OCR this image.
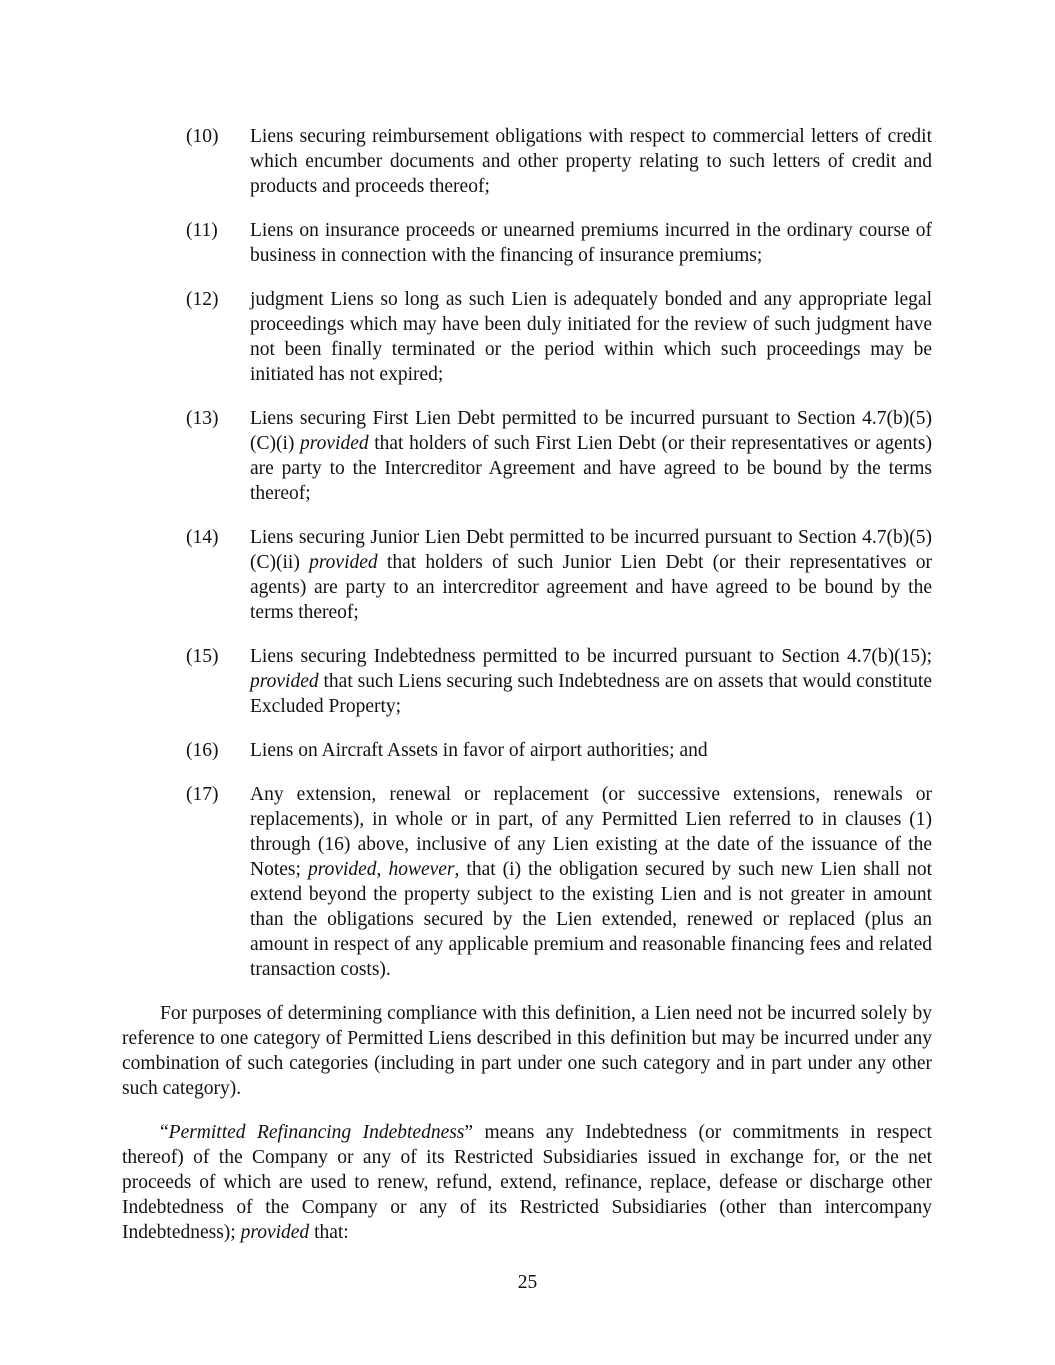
(10)	Liens securing reimbursement obligations with respect to commercial letters of credit which encumber documents and other property relating to such letters of credit and products and proceeds thereof;
(11)	Liens on insurance proceeds or unearned premiums incurred in the ordinary course of business in connection with the financing of insurance premiums;
(12)	judgment Liens so long as such Lien is adequately bonded and any appropriate legal proceedings which may have been duly initiated for the review of such judgment have not been finally terminated or the period within which such proceedings may be initiated has not expired;
(13)	Liens securing First Lien Debt permitted to be incurred pursuant to Section 4.7(b)(5)(C)(i) provided that holders of such First Lien Debt (or their representatives or agents) are party to the Intercreditor Agreement and have agreed to be bound by the terms thereof;
(14)	Liens securing Junior Lien Debt permitted to be incurred pursuant to Section 4.7(b)(5)(C)(ii) provided that holders of such Junior Lien Debt (or their representatives or agents) are party to an intercreditor agreement and have agreed to be bound by the terms thereof;
(15)	Liens securing Indebtedness permitted to be incurred pursuant to Section 4.7(b)(15); provided that such Liens securing such Indebtedness are on assets that would constitute Excluded Property;
(16)	Liens on Aircraft Assets in favor of airport authorities; and
(17)	Any extension, renewal or replacement (or successive extensions, renewals or replacements), in whole or in part, of any Permitted Lien referred to in clauses (1) through (16) above, inclusive of any Lien existing at the date of the issuance of the Notes; provided, however, that (i) the obligation secured by such new Lien shall not extend beyond the property subject to the existing Lien and is not greater in amount than the obligations secured by the Lien extended, renewed or replaced (plus an amount in respect of any applicable premium and reasonable financing fees and related transaction costs).

For purposes of determining compliance with this definition, a Lien need not be incurred solely by reference to one category of Permitted Liens described in this definition but may be incurred under any combination of such categories (including in part under one such category and in part under any other such category).

“Permitted Refinancing Indebtedness” means any Indebtedness (or commitments in respect thereof) of the Company or any of its Restricted Subsidiaries issued in exchange for, or the net proceeds of which are used to renew, refund, extend, refinance, replace, defease or discharge other Indebtedness of the Company or any of its Restricted Subsidiaries (other than intercompany Indebtedness); provided that:

25
